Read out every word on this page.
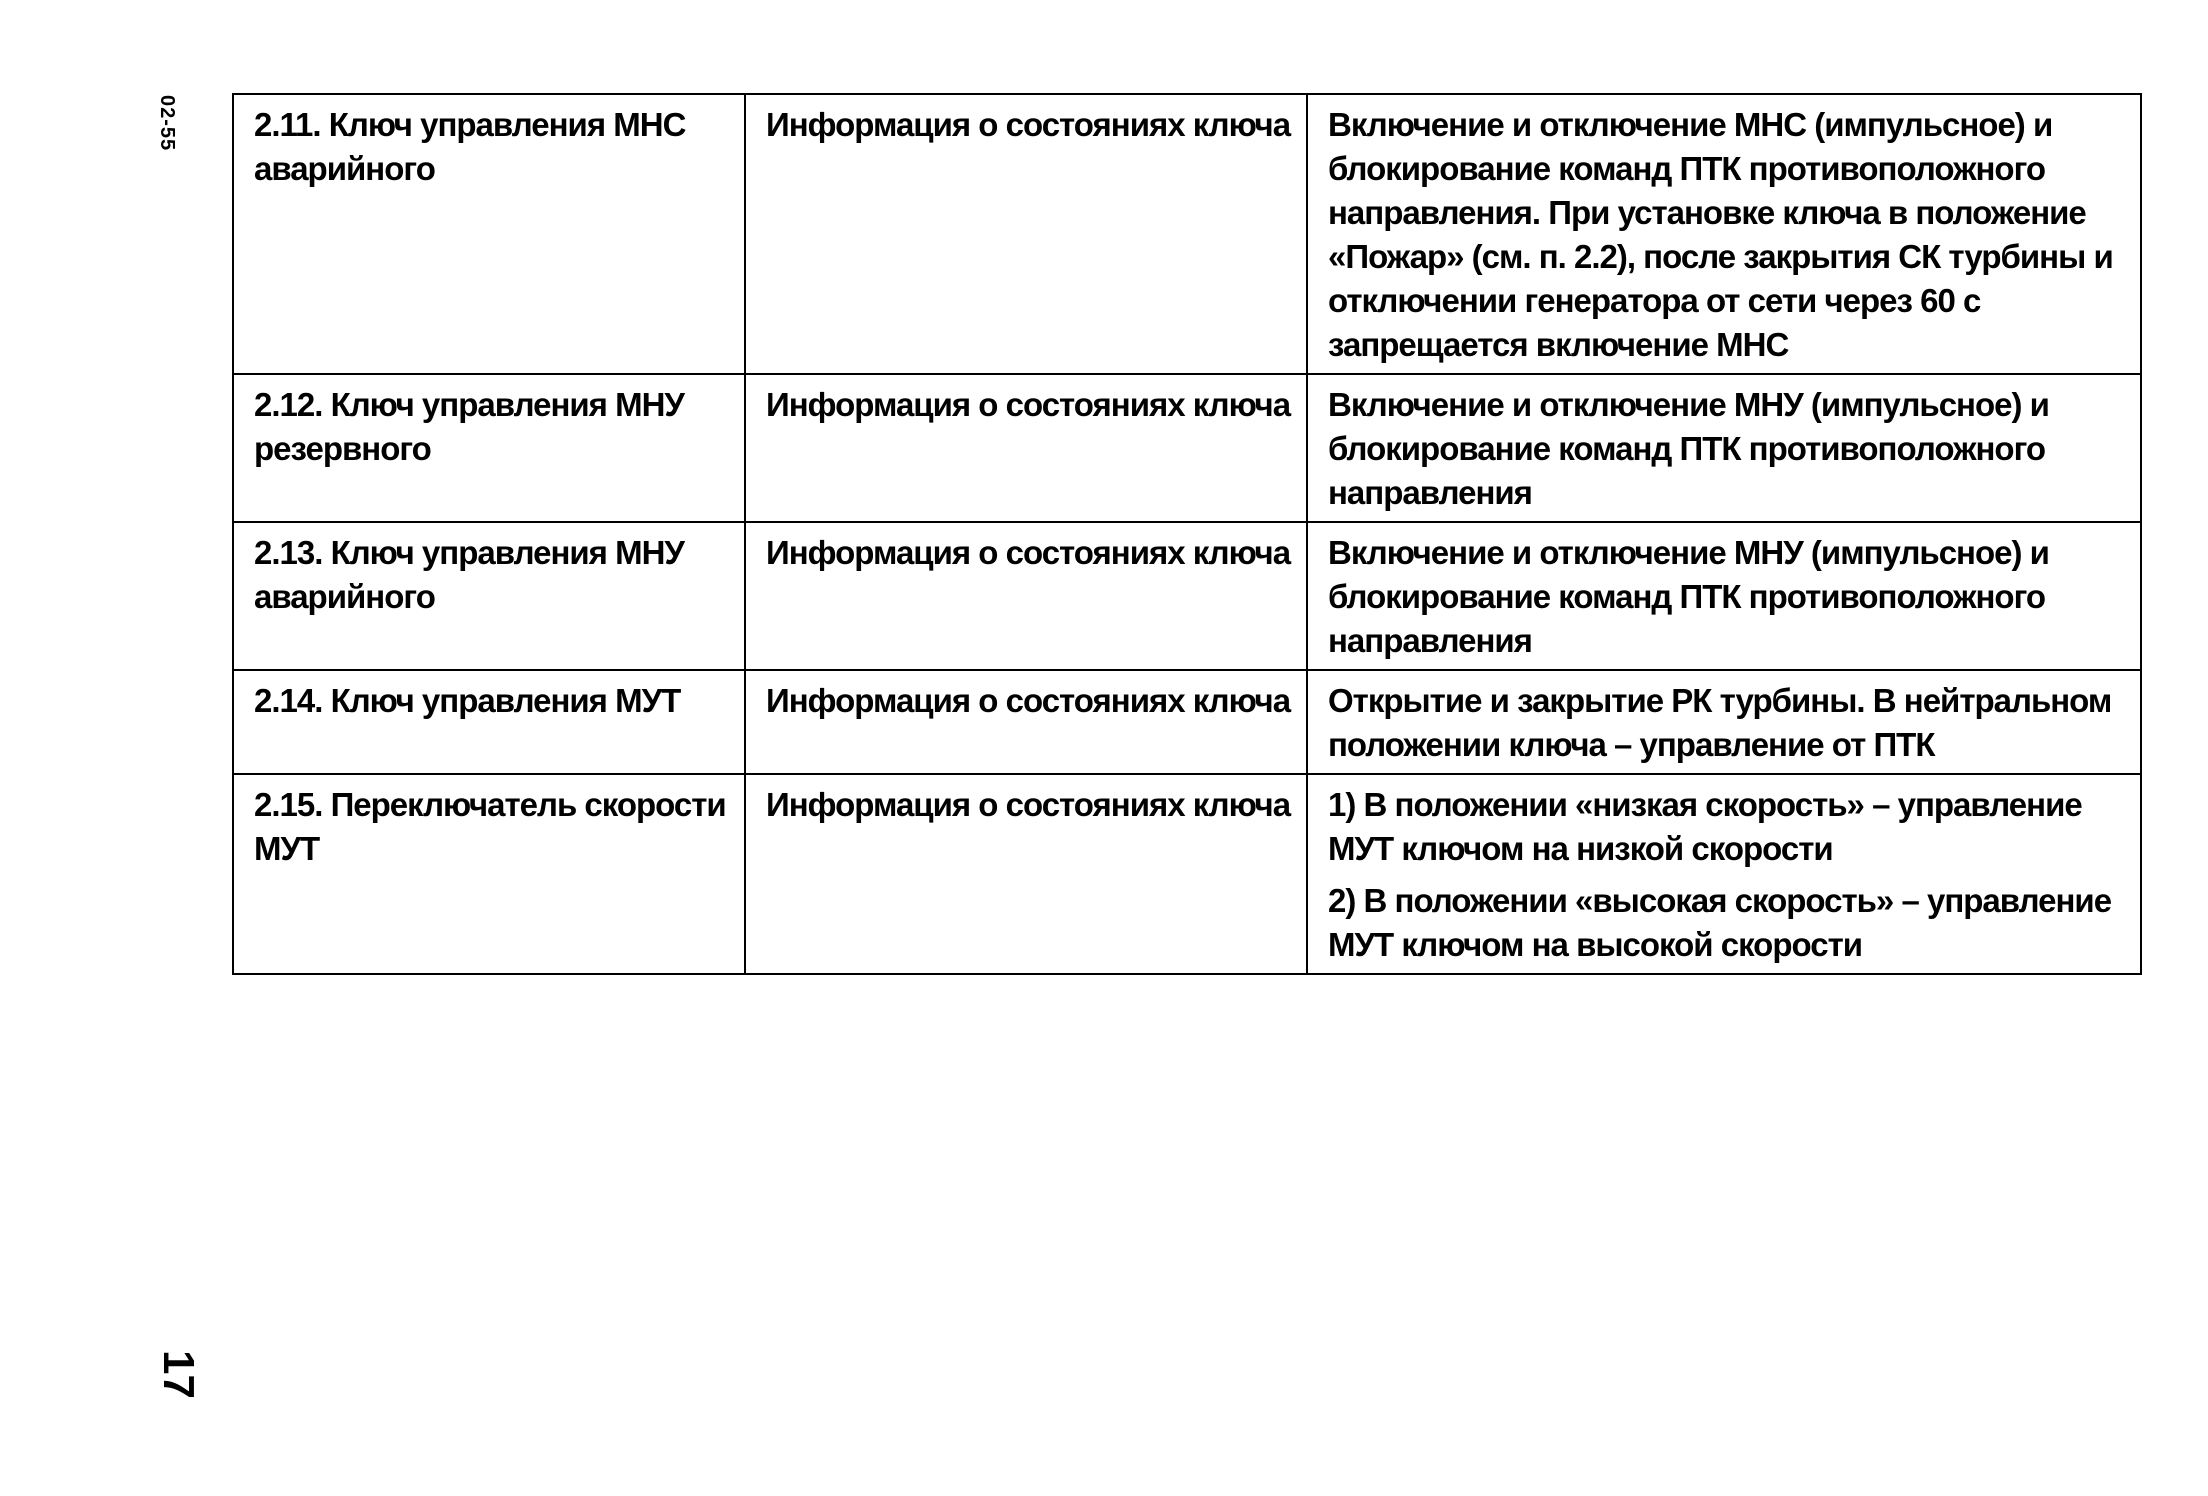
02-55
17
2.11. Ключ управления МНС аварийного	Информация о состояниях ключа	Включение и отключение МНС (импульсное) и блокирование команд ПТК противоположного направления. При установке ключа в положение «Пожар» (см. п. 2.2), после закрытия СК турбины и отключении генератора от сети через 60 с запрещается включение МНС

2.12. Ключ управления МНУ резервного	Информация о состояниях ключа	Включение и отключение МНУ (импульсное) и блокирование команд ПТК противоположного направления

2.13. Ключ управления МНУ аварийного	Информация о состояниях ключа	Включение и отключение МНУ (импульсное) и блокирование команд ПТК противоположного направления

2.14. Ключ управления МУТ	Информация о состояниях ключа	Открытие и закрытие РК турбины. В нейтральном положении ключа – управление от ПТК

2.15. Переключатель скорости МУТ	Информация о состояниях ключа	1) В положении «низкая скорость» – управление МУТ ключом на низкой скорости
2) В положении «высокая скорость» – управление МУТ ключом на высокой скорости
